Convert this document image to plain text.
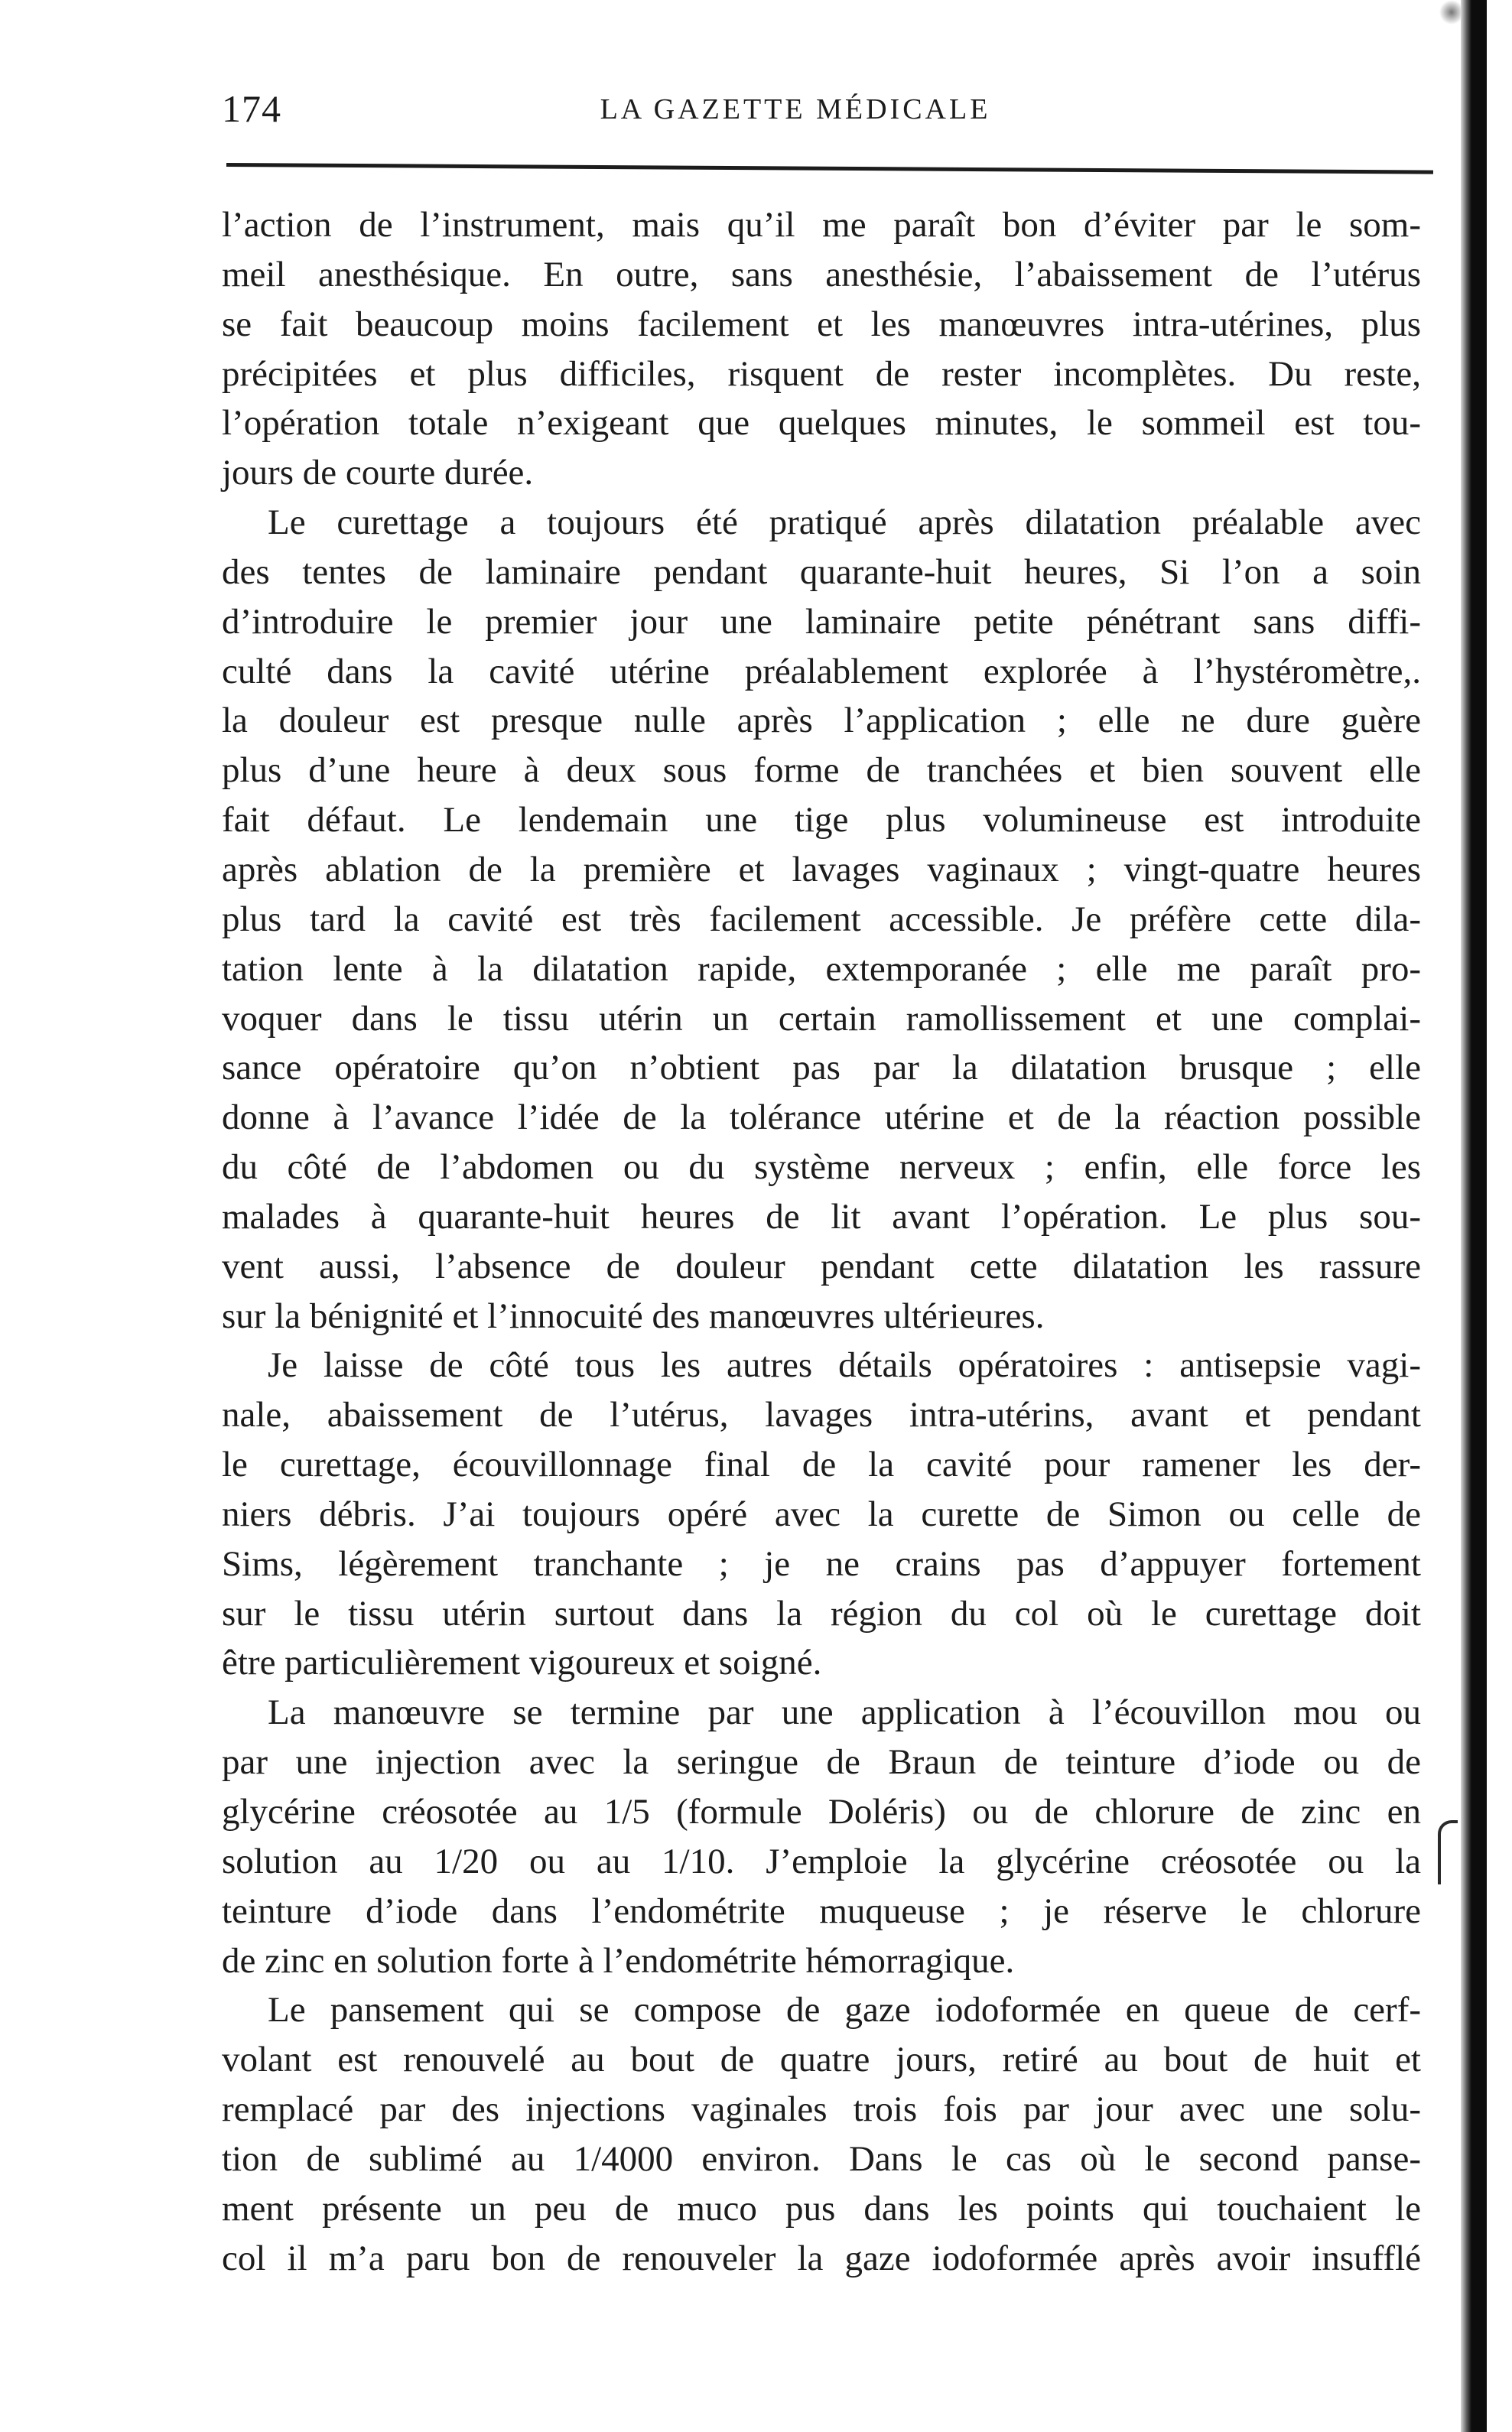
174	LA GAZETTE MÉDICALE
l’action de l’instrument, mais qu’il me paraît bon d’éviter par le som-
meil anesthésique. En outre, sans anesthésie, l’abaissement de l’utérus
se fait beaucoup moins facilement et les manœuvres intra-utérines, plus
précipitées et plus difficiles, risquent de rester incomplètes. Du reste,
l’opération totale n’exigeant que quelques minutes, le sommeil est tou-
jours de courte durée.
Le curettage a toujours été pratiqué après dilatation préalable avec
des tentes de laminaire pendant quarante-huit heures, Si l’on a soin
d’introduire le premier jour une laminaire petite pénétrant sans diffi-
culté dans la cavité utérine préalablement explorée à l’hystéromètre,.
la douleur est presque nulle après l’application ; elle ne dure guère
plus d’une heure à deux sous forme de tranchées et bien souvent elle
fait défaut. Le lendemain une tige plus volumineuse est introduite
après ablation de la première et lavages vaginaux ; vingt-quatre heures
plus tard la cavité est très facilement accessible. Je préfère cette dila-
tation lente à la dilatation rapide, extemporanée ; elle me paraît pro-
voquer dans le tissu utérin un certain ramollissement et une complai-
sance opératoire qu’on n’obtient pas par la dilatation brusque ; elle
donne à l’avance l’idée de la tolérance utérine et de la réaction possible
du côté de l’abdomen ou du système nerveux ; enfin, elle force les
malades à quarante-huit heures de lit avant l’opération. Le plus sou-
vent aussi, l’absence de douleur pendant cette dilatation les rassure
sur la bénignité et l’innocuité des manœuvres ultérieures.
Je laisse de côté tous les autres détails opératoires : antisepsie vagi-
nale, abaissement de l’utérus, lavages intra-utérins, avant et pendant
le curettage, écouvillonnage final de la cavité pour ramener les der-
niers débris. J’ai toujours opéré avec la curette de Simon ou celle de
Sims, légèrement tranchante ; je ne crains pas d’appuyer fortement
sur le tissu utérin surtout dans la région du col où le curettage doit
être particulièrement vigoureux et soigné.
La manœuvre se termine par une application à l’écouvillon mou ou
par une injection avec la seringue de Braun de teinture d’iode ou de
glycérine créosotée au 1/5 (formule Doléris) ou de chlorure de zinc en
solution au 1/20 ou au 1/10. J’emploie la glycérine créosotée ou la
teinture d’iode dans l’endométrite muqueuse ; je réserve le chlorure
de zinc en solution forte à l’endométrite hémorragique.
Le pansement qui se compose de gaze iodoformée en queue de cerf-
volant est renouvelé au bout de quatre jours, retiré au bout de huit et
remplacé par des injections vaginales trois fois par jour avec une solu-
tion de sublimé au 1/4000 environ. Dans le cas où le second panse-
ment présente un peu de muco pus dans les points qui touchaient le
col il m’a paru bon de renouveler la gaze iodoformée après avoir insufflé
